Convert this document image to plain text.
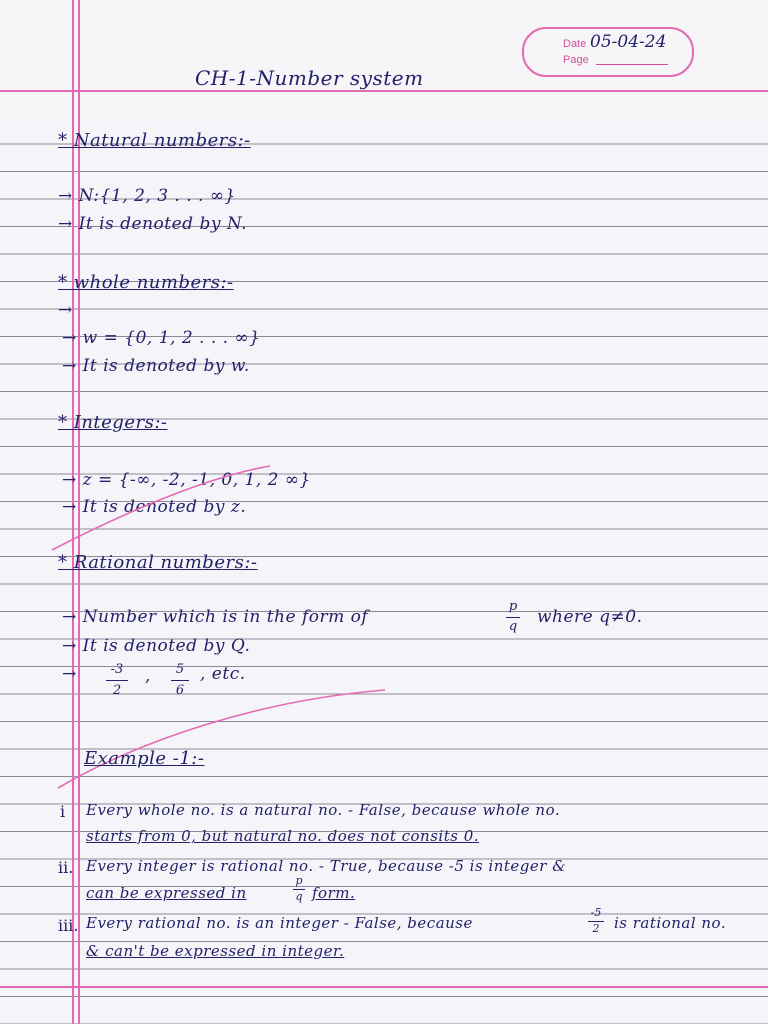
Date 05-04-24
Page
CH-1-Number system
* Natural numbers:-
→ N:{1, 2, 3 . . . ∞}
→ It is denoted by N.
* whole numbers:-
→
→ w = {0, 1, 2 . . . ∞}
→ It is denoted by w.
* Integers:-
→ z = {-∞, -2, -1, 0, 1, 2 ∞}
→ It is denoted by z.
* Rational numbers:-
→ Number which is in the form of
p
q where q≠0.
→ It is denoted by Q.
→	-3
2
,	5
6
, etc.
Example -1:-
i Every whole no. is a natural no. - False, because whole no.
starts from 0, but natural no. does not consits 0.
ii. Every integer is rational no. - True, because -5 is integer &
can be expressed in
p
q form.
iii. Every rational no. is an integer - False, because
-5
2 is rational no.
& can't be expressed in integer.
